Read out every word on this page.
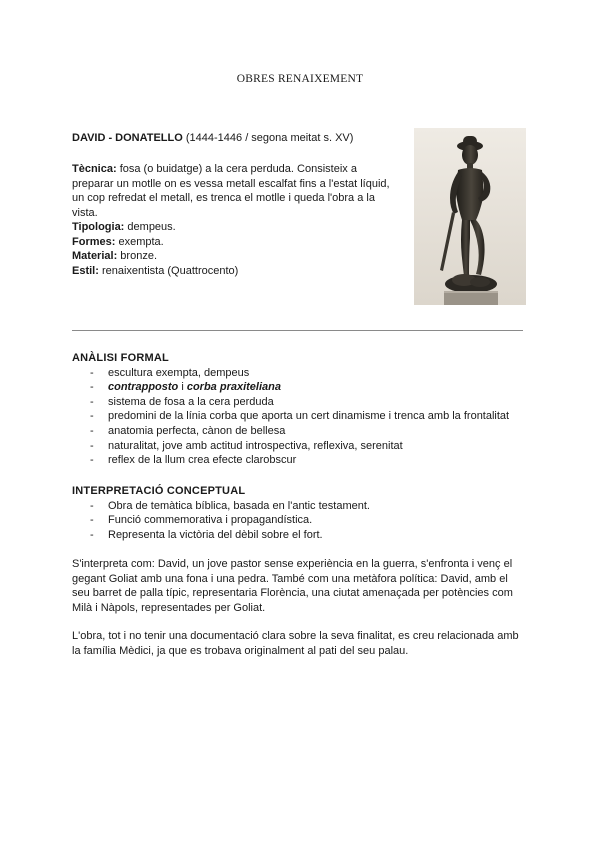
OBRES RENAIXEMENT
DAVID - DONATELLO (1444-1446 / segona meitat s. XV)
Tècnica: fosa (o buidatge) a la cera perduda. Consisteix a preparar un motlle on es vessa metall escalfat fins a l'estat líquid, un cop refredat el metall, es trenca el motlle i queda l'obra a la vista.
Tipologia: dempeus.
Formes: exempta.
Material: bronze.
Estil: renaixentista (Quattrocento)
ANÀLISI FORMAL
- escultura exempta, dempeus
- contrapposto i corba praxiteliana
- sistema de fosa a la cera perduda
- predomini de la línia corba que aporta un cert dinamisme i trenca amb la frontalitat
- anatomia perfecta, cànon de bellesa
- naturalitat, jove amb actitud introspectiva, reflexiva, serenitat
- reflex de la llum crea efecte clarobscur
INTERPRETACIÓ CONCEPTUAL
- Obra de temàtica bíblica, basada en l'antic testament.
- Funció commemorativa i propagandística.
- Representa la victòria del dèbil sobre el fort.

S'interpreta com: David, un jove pastor sense experiència en la guerra, s'enfronta i venç el gegant Goliat amb una fona i una pedra. També com una metàfora política: David, amb el seu barret de palla típic, representaria Florència, una ciutat amenaçada per potències com Milà i Nàpols, representades per Goliat.

L'obra, tot i no tenir una documentació clara sobre la seva finalitat, es creu relacionada amb la família Mèdici, ja que es trobava originalment al pati del seu palau.
